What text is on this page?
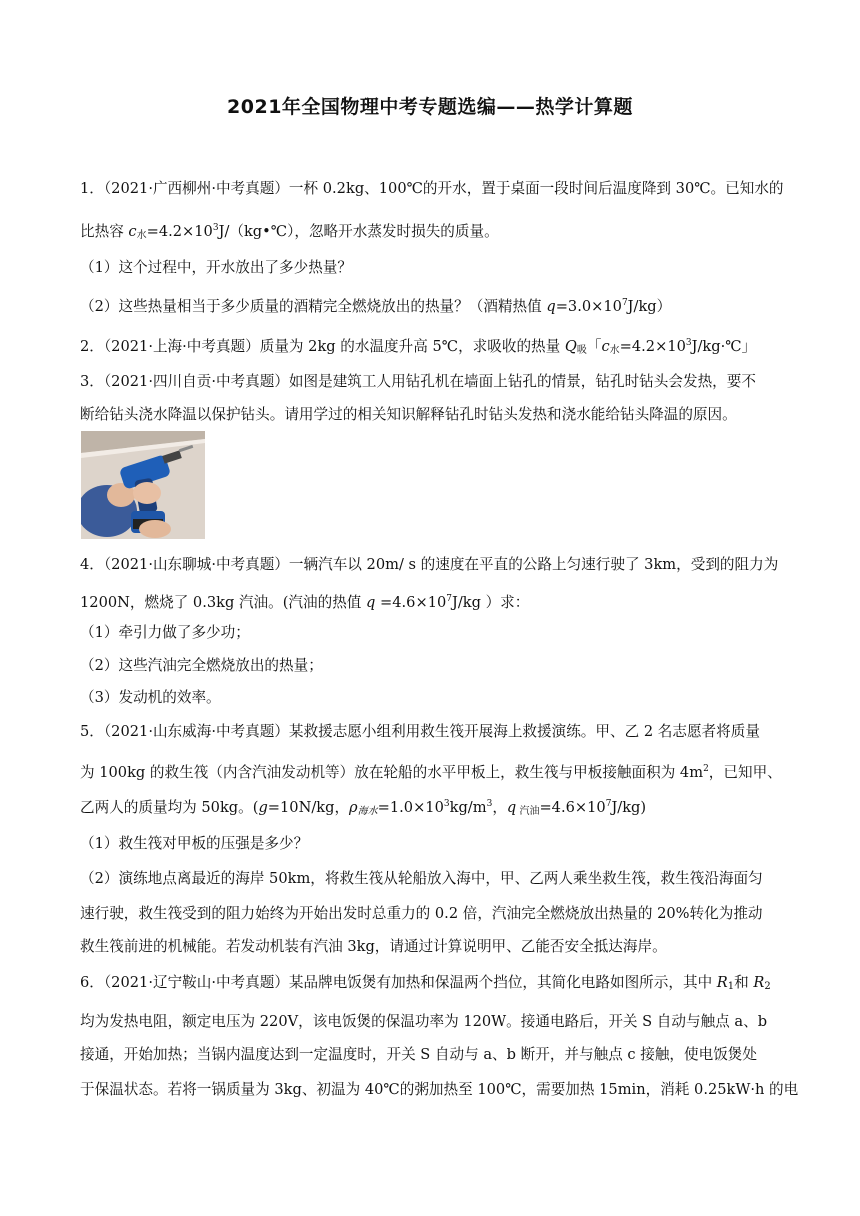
2021年全国物理中考专题选编——热学计算题
1．（2021·广西柳州·中考真题）一杯 0.2kg、100℃的开水，置于桌面一段时间后温度降到 30℃。已知水的
比热容 $c_水=4.2\times 10^3J/(kg•℃)$，忽略开水蒸发时损失的质量。
（1）这个过程中，开水放出了多少热量？
（2）这些热量相当于多少质量的酒精完全燃烧放出的热量？（酒精热值 $q=3.0\times 10^7J/kg$）
2．（2021·上海·中考真题）质量为 2kg 的水温度升高 5℃，求吸收的热量 $Q_吸$「$c_水=4.2\times 10^3J/kg\cdot℃$」
3．（2021·四川自贡·中考真题）如图是建筑工人用钻孔机在墙面上钻孔的情景，钻孔时钻头会发热，要不
断给钻头浇水降温以保护钻头。请用学过的相关知识解释钻孔时钻头发热和浇水能给钻头降温的原因。
4．（2021·山东聊城·中考真题）一辆汽车以 20m/ s 的速度在平直的公路上匀速行驶了 3km，受到的阻力为
1200N，燃烧了 0.3kg 汽油。(汽油的热值 $q =4.6\times 10^7J/kg$ ）求：
（1）牵引力做了多少功；
（2）这些汽油完全燃烧放出的热量；
（3）发动机的效率。
5．（2021·山东威海·中考真题）某救援志愿小组利用救生筏开展海上救援演练。甲、乙 2 名志愿者将质量
为 100kg 的救生筏（内含汽油发动机等）放在轮船的水平甲板上，救生筏与甲板接触面积为 $4m^2$，已知甲、
乙两人的质量均为 50kg。(g=10N/kg，$\rho_{海水}=1.0\times 10^3kg/m^3$，q $_{汽油}=4.6\times 10^7J/kg$)
（1）救生筏对甲板的压强是多少？
（2）演练地点离最近的海岸 50km，将救生筏从轮船放入海中，甲、乙两人乘坐救生筏，救生筏沿海面匀
速行驶，救生筏受到的阻力始终为开始出发时总重力的 0.2 倍，汽油完全燃烧放出热量的 20%转化为推动
救生筏前进的机械能。若发动机装有汽油 3kg，请通过计算说明甲、乙能否安全抵达海岸。
6．（2021·辽宁鞍山·中考真题）某品牌电饭煲有加热和保温两个挡位，其简化电路如图所示，其中 $R_1$和 $R_2$
均为发热电阻，额定电压为 220V，该电饭煲的保温功率为 120W。接通电路后，开关 S 自动与触点 a、b
接通，开始加热；当锅内温度达到一定温度时，开关 S 自动与 a、b 断开，并与触点 c 接触，使电饭煲处
于保温状态。若将一锅质量为 3kg、初温为 40℃的粥加热至 100℃，需要加热 15min，消耗 0.25kW·h 的电
